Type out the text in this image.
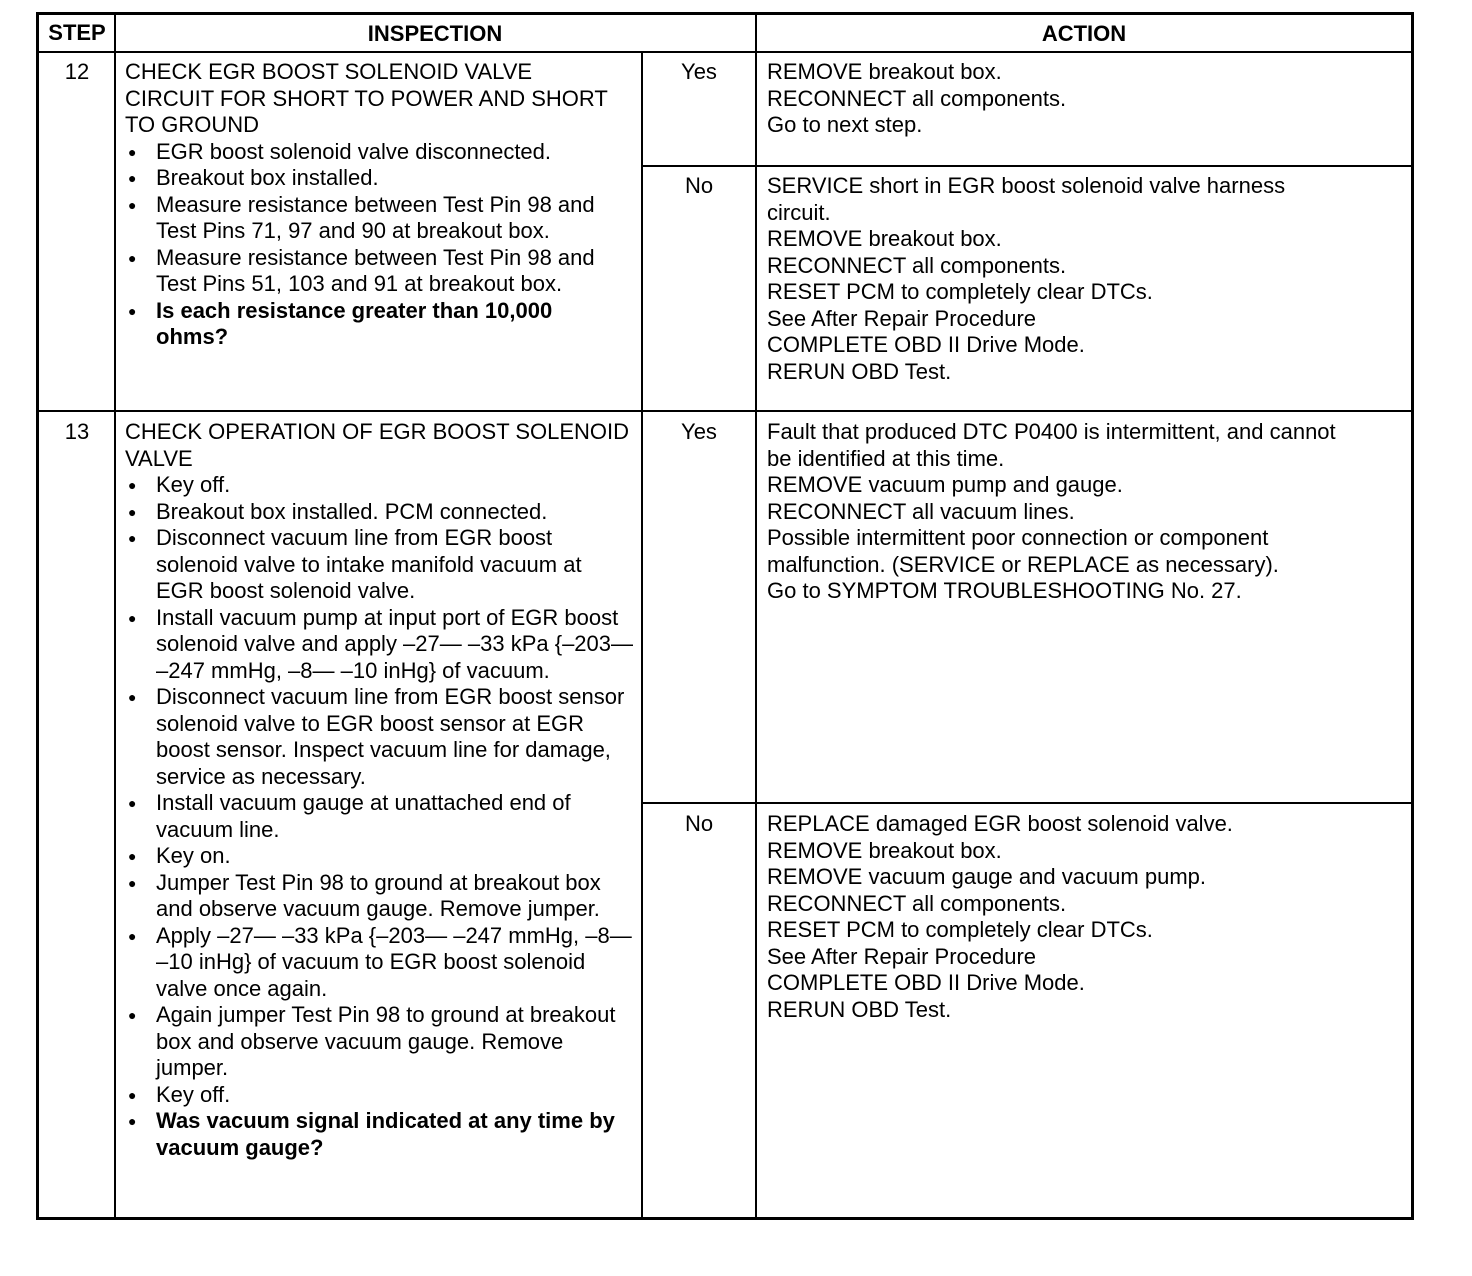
STEP	INSPECTION	ACTION
12	CHECK EGR BOOST SOLENOID VALVE CIRCUIT FOR SHORT TO POWER AND SHORT TO GROUND
● EGR boost solenoid valve disconnected.
● Breakout box installed.
● Measure resistance between Test Pin 98 and Test Pins 71, 97 and 90 at breakout box.
● Measure resistance between Test Pin 98 and Test Pins 51, 103 and 91 at breakout box.
● Is each resistance greater than 10,000 ohms?
Yes	REMOVE breakout box.
RECONNECT all components.
Go to next step.
No	SERVICE short in EGR boost solenoid valve harness
circuit.
REMOVE breakout box.
RECONNECT all components.
RESET PCM to completely clear DTCs.
See After Repair Procedure
COMPLETE OBD II Drive Mode.
RERUN OBD Test.
13	CHECK OPERATION OF EGR BOOST SOLENOID VALVE
● Key off.
● Breakout box installed. PCM connected.
● Disconnect vacuum line from EGR boost solenoid valve to intake manifold vacuum at EGR boost solenoid valve.
● Install vacuum pump at input port of EGR boost solenoid valve and apply –27— –33 kPa {–203— –247 mmHg, –8— –10 inHg} of vacuum.
● Disconnect vacuum line from EGR boost sensor solenoid valve to EGR boost sensor at EGR boost sensor. Inspect vacuum line for damage, service as necessary.
● Install vacuum gauge at unattached end of vacuum line.
● Key on.
● Jumper Test Pin 98 to ground at breakout box and observe vacuum gauge. Remove jumper.
● Apply –27— –33 kPa {–203— –247 mmHg, –8— –10 inHg} of vacuum to EGR boost solenoid valve once again.
● Again jumper Test Pin 98 to ground at breakout box and observe vacuum gauge. Remove jumper.
● Key off.
● Was vacuum signal indicated at any time by vacuum gauge?
Yes	Fault that produced DTC P0400 is intermittent, and cannot
be identified at this time.
REMOVE vacuum pump and gauge.
RECONNECT all vacuum lines.
Possible intermittent poor connection or component
malfunction. (SERVICE or REPLACE as necessary).
Go to SYMPTOM TROUBLESHOOTING No. 27.
No	REPLACE damaged EGR boost solenoid valve.
REMOVE breakout box.
REMOVE vacuum gauge and vacuum pump.
RECONNECT all components.
RESET PCM to completely clear DTCs.
See After Repair Procedure
COMPLETE OBD II Drive Mode.
RERUN OBD Test.
